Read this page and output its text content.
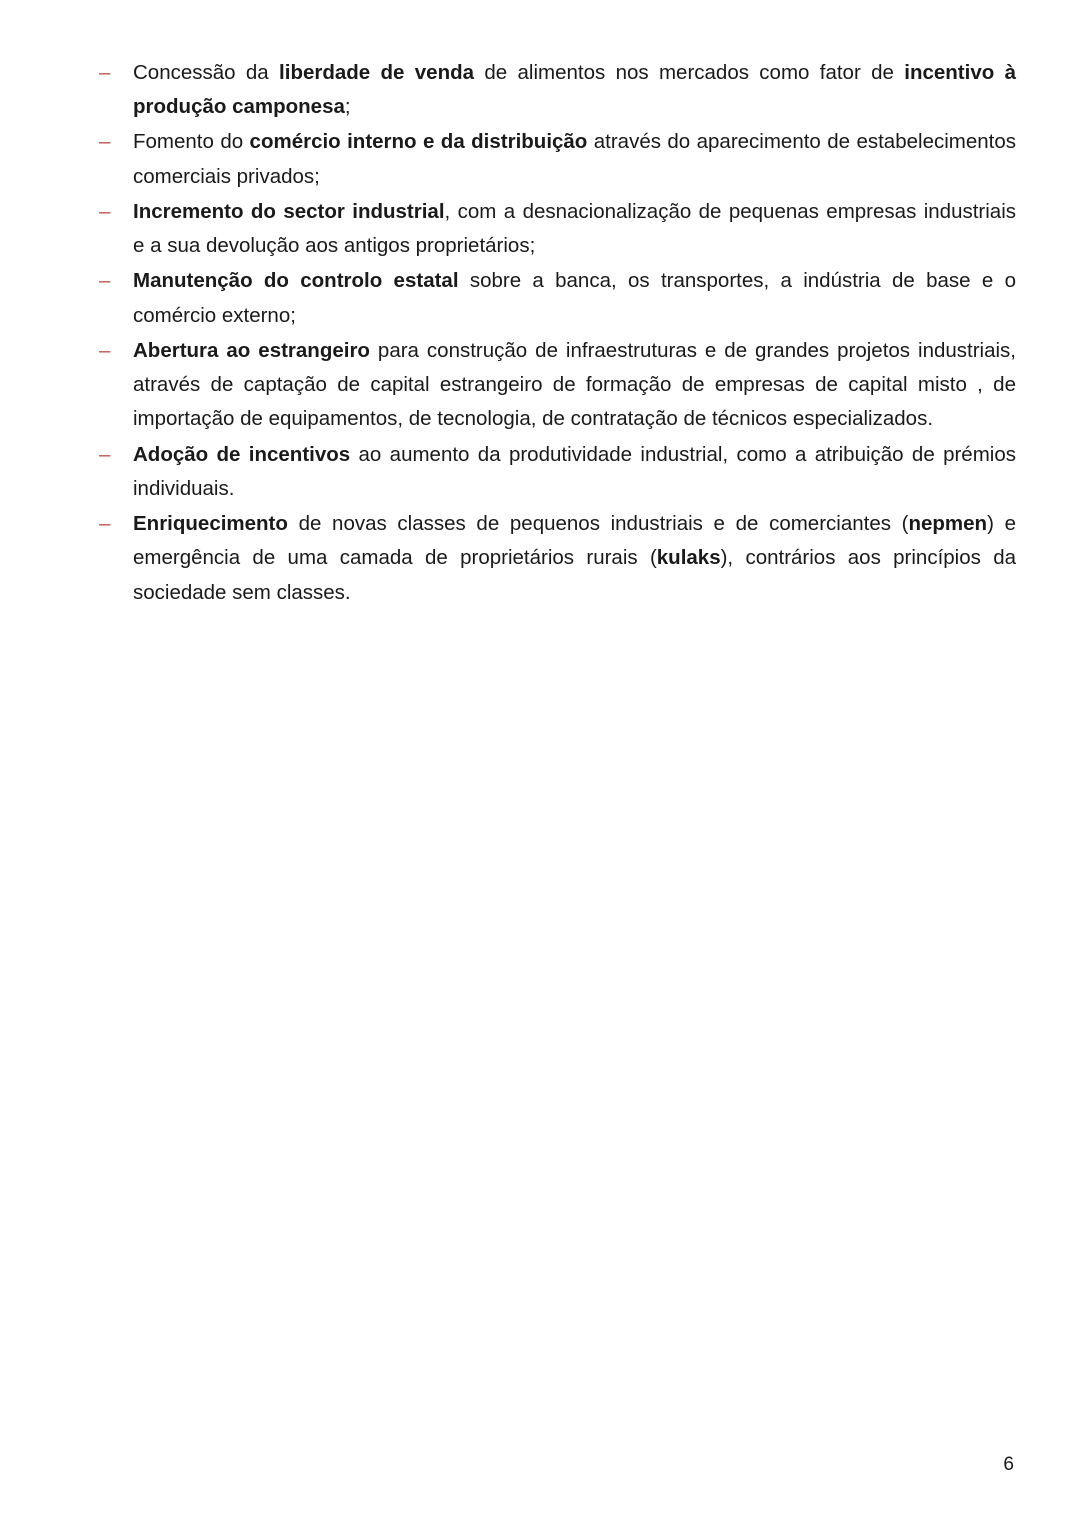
– Concessão da liberdade de venda de alimentos nos mercados como fator de incentivo à produção camponesa;
– Fomento do comércio interno e da distribuição através do aparecimento de estabelecimentos comerciais privados;
– Incremento do sector industrial, com a desnacionalização de pequenas empresas industriais e a sua devolução aos antigos proprietários;
– Manutenção do controlo estatal sobre a banca, os transportes, a indústria de base e o comércio externo;
– Abertura ao estrangeiro para construção de infraestruturas e de grandes projetos industriais, através de captação de capital estrangeiro de formação de empresas de capital misto , de importação de equipamentos, de tecnologia, de contratação de técnicos especializados.
– Adoção de incentivos ao aumento da produtividade industrial, como a atribuição de prémios individuais.
– Enriquecimento de novas classes de pequenos industriais e de comerciantes (nepmen) e emergência de uma camada de proprietários rurais (kulaks), contrários aos princípios da sociedade sem classes.
6
